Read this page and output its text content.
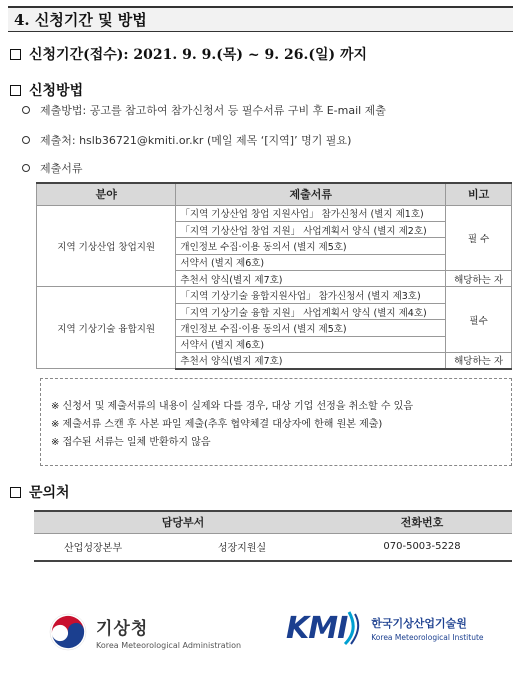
4. 신청기간 및 방법
신청기간(접수): 2021. 9. 9.(목) ~ 9. 26.(일) 까지
신청방법
제출방법: 공고를 참고하여 참가신청서 등 필수서류 구비 후 E-mail 제출
제출처: hslb36721@kmiti.or.kr (메일 제목 ‘[지역]’ 명기 필요)
제출서류
분야	제출서류	비고
지역 기상산업 창업지원	「지역 기상산업 창업 지원사업」 참가신청서 (별지 제1호)	필 수
	「지역 기상산업 창업 지원」 사업계획서 양식 (별지 제2호)	
	개인정보 수집·이용 동의서 (별지 제5호)	
	서약서 (별지 제6호)	
	추천서 양식(별지 제7호)	해당하는 자
지역 기상기술 융합지원	「지역 기상기술 융합지원사업」 참가신청서 (별지 제3호)	필수
	「지역 기상기술 융합 지원」 사업계획서 양식 (별지 제4호)	
	개인정보 수집·이용 동의서 (별지 제5호)	
	서약서 (별지 제6호)	
	추천서 양식(별지 제7호)	해당하는 자
※ 신청서 및 제출서류의 내용이 실제와 다를 경우, 대상 기업 선정을 취소할 수 있음
※ 제출서류 스캔 후 사본 파일 제출(추후 협약체결 대상자에 한해 원본 제출)
※ 접수된 서류는 일체 반환하지 않음
문의처
담당부서		전화번호
산업성장본부	성장지원실	070-5003-5228
기상청
Korea Meteorological Administration KMI 한국기상산업기술원
Korea Meteorological Institute
